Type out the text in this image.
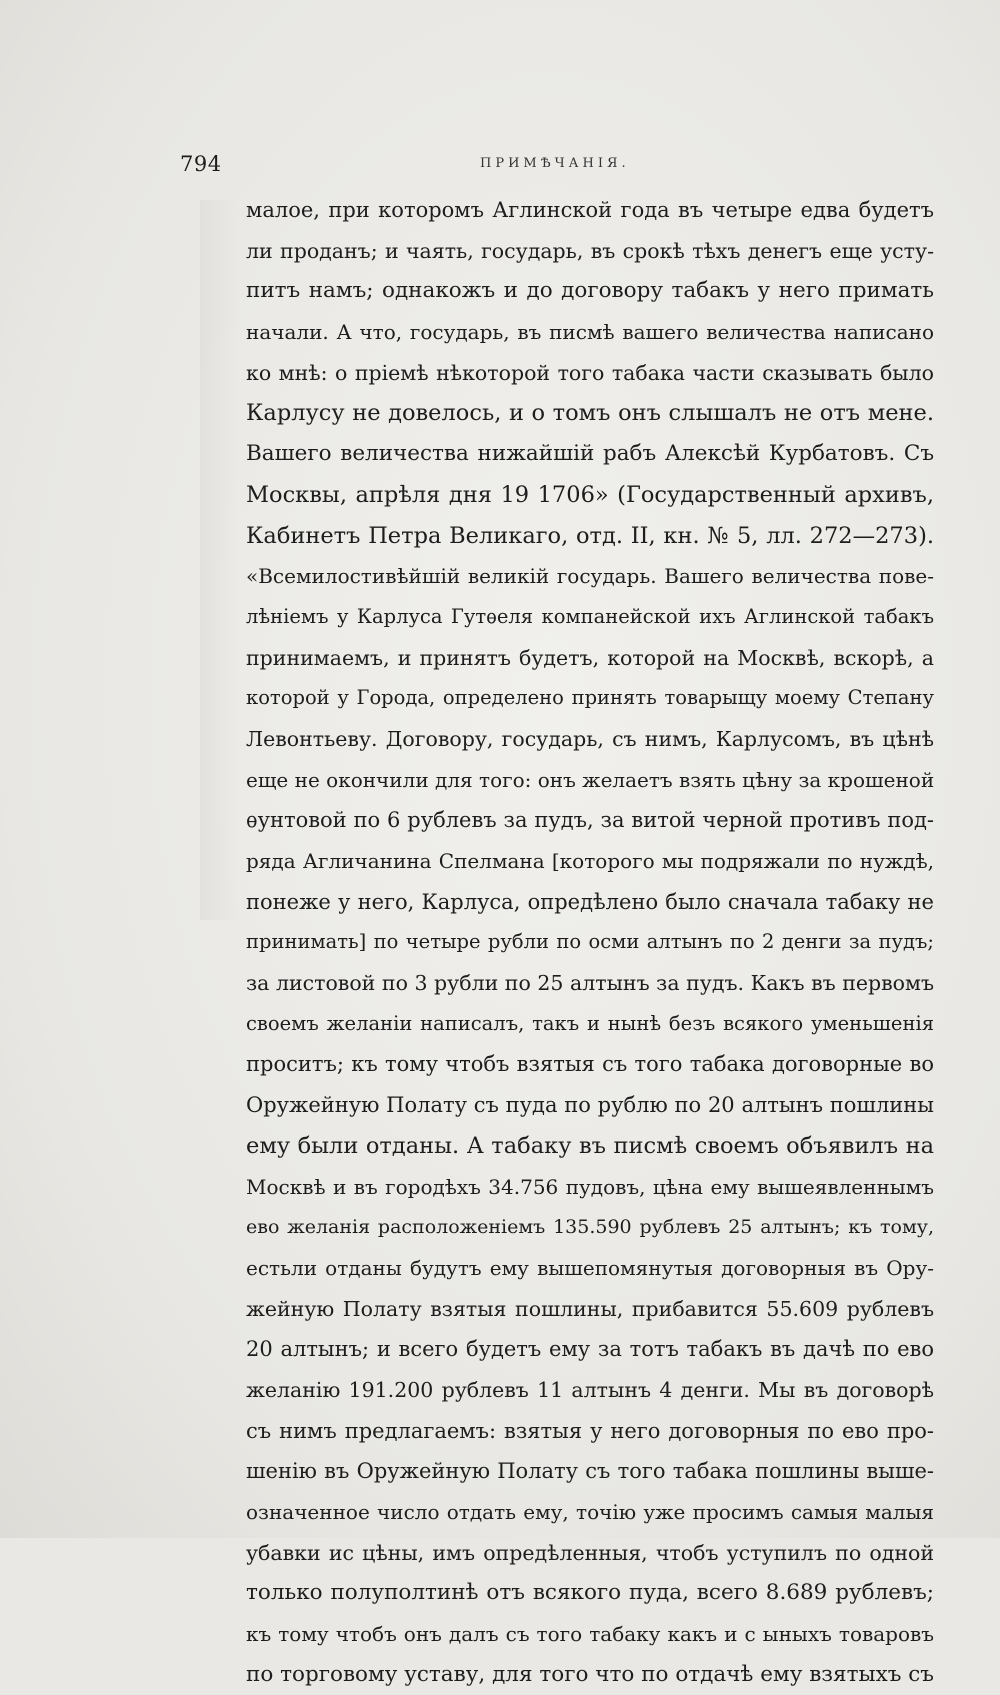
794	ПРИМѢЧАНІЯ.
малое, при которомъ Аглинской года въ четыре едва будетъ
ли проданъ; и чаять, государь, въ срокѣ тѣхъ денегъ еще усту-
питъ намъ; однакожъ и до договору табакъ у него примать
начали. А что, государь, въ писмѣ вашего величества написано
ко мнѣ: о пріемѣ нѣкоторой того табака части сказывать было
Карлусу не довелось, и о томъ онъ слышалъ не отъ мене.
Вашего величества нижайшій рабъ Алексѣй Курбатовъ. Съ
Москвы, апрѣля дня 19 1706» (Государственный архивъ,
Кабинетъ Петра Великаго, отд. II, кн. № 5, лл. 272—273).
«Всемилостивѣйшій великій государь. Вашего величества пове-
лѣніемъ у Карлуса Гутѳеля компанейской ихъ Аглинской табакъ
принимаемъ, и принятъ будетъ, которой на Москвѣ, вскорѣ, а
которой у Города, определено принять товарыщу моему Степану
Левонтьеву. Договору, государь, съ нимъ, Карлусомъ, въ цѣнѣ
еще не окончили для того: онъ желаетъ взять цѣну за крошеной
ѳунтовой по 6 рублевъ за пудъ, за витой черной противъ под-
ряда Агличанина Спелмана [которого мы подряжали по нуждѣ,
понеже у него, Карлуса, опредѣлено было сначала табаку не
принимать] по четыре рубли по осми алтынъ по 2 денги за пудъ;
за листовой по 3 рубли по 25 алтынъ за пудъ. Какъ въ первомъ
своемъ желаніи написалъ, такъ и нынѣ безъ всякого уменьшенія
проситъ; къ тому чтобъ взятыя съ того табака договорные во
Оружейную Полату съ пуда по рублю по 20 алтынъ пошлины
ему были отданы. А табаку въ писмѣ своемъ объявилъ на
Москвѣ и въ городѣхъ 34.756 пудовъ, цѣна ему вышеявленнымъ
ево желанія расположеніемъ 135.590 рублевъ 25 алтынъ; къ тому,
естьли отданы будутъ ему вышепомянутыя договорныя въ Ору-
жейную Полату взятыя пошлины, прибавится 55.609 рублевъ
20 алтынъ; и всего будетъ ему за тотъ табакъ въ дачѣ по ево
желанію 191.200 рублевъ 11 алтынъ 4 денги. Мы въ договорѣ
съ нимъ предлагаемъ: взятыя у него договорныя по ево про-
шенію въ Оружейную Полату съ того табака пошлины выше-
означенное число отдать ему, точію уже просимъ самыя малыя
убавки ис цѣны, имъ опредѣленныя, чтобъ уступилъ по одной
только полуполтинѣ отъ всякого пуда, всего 8.689 рублевъ;
къ тому чтобъ онъ далъ съ того табаку какъ и с ыныхъ товаровъ
по торговому уставу, для того что по отдачѣ ему взятыхъ съ
